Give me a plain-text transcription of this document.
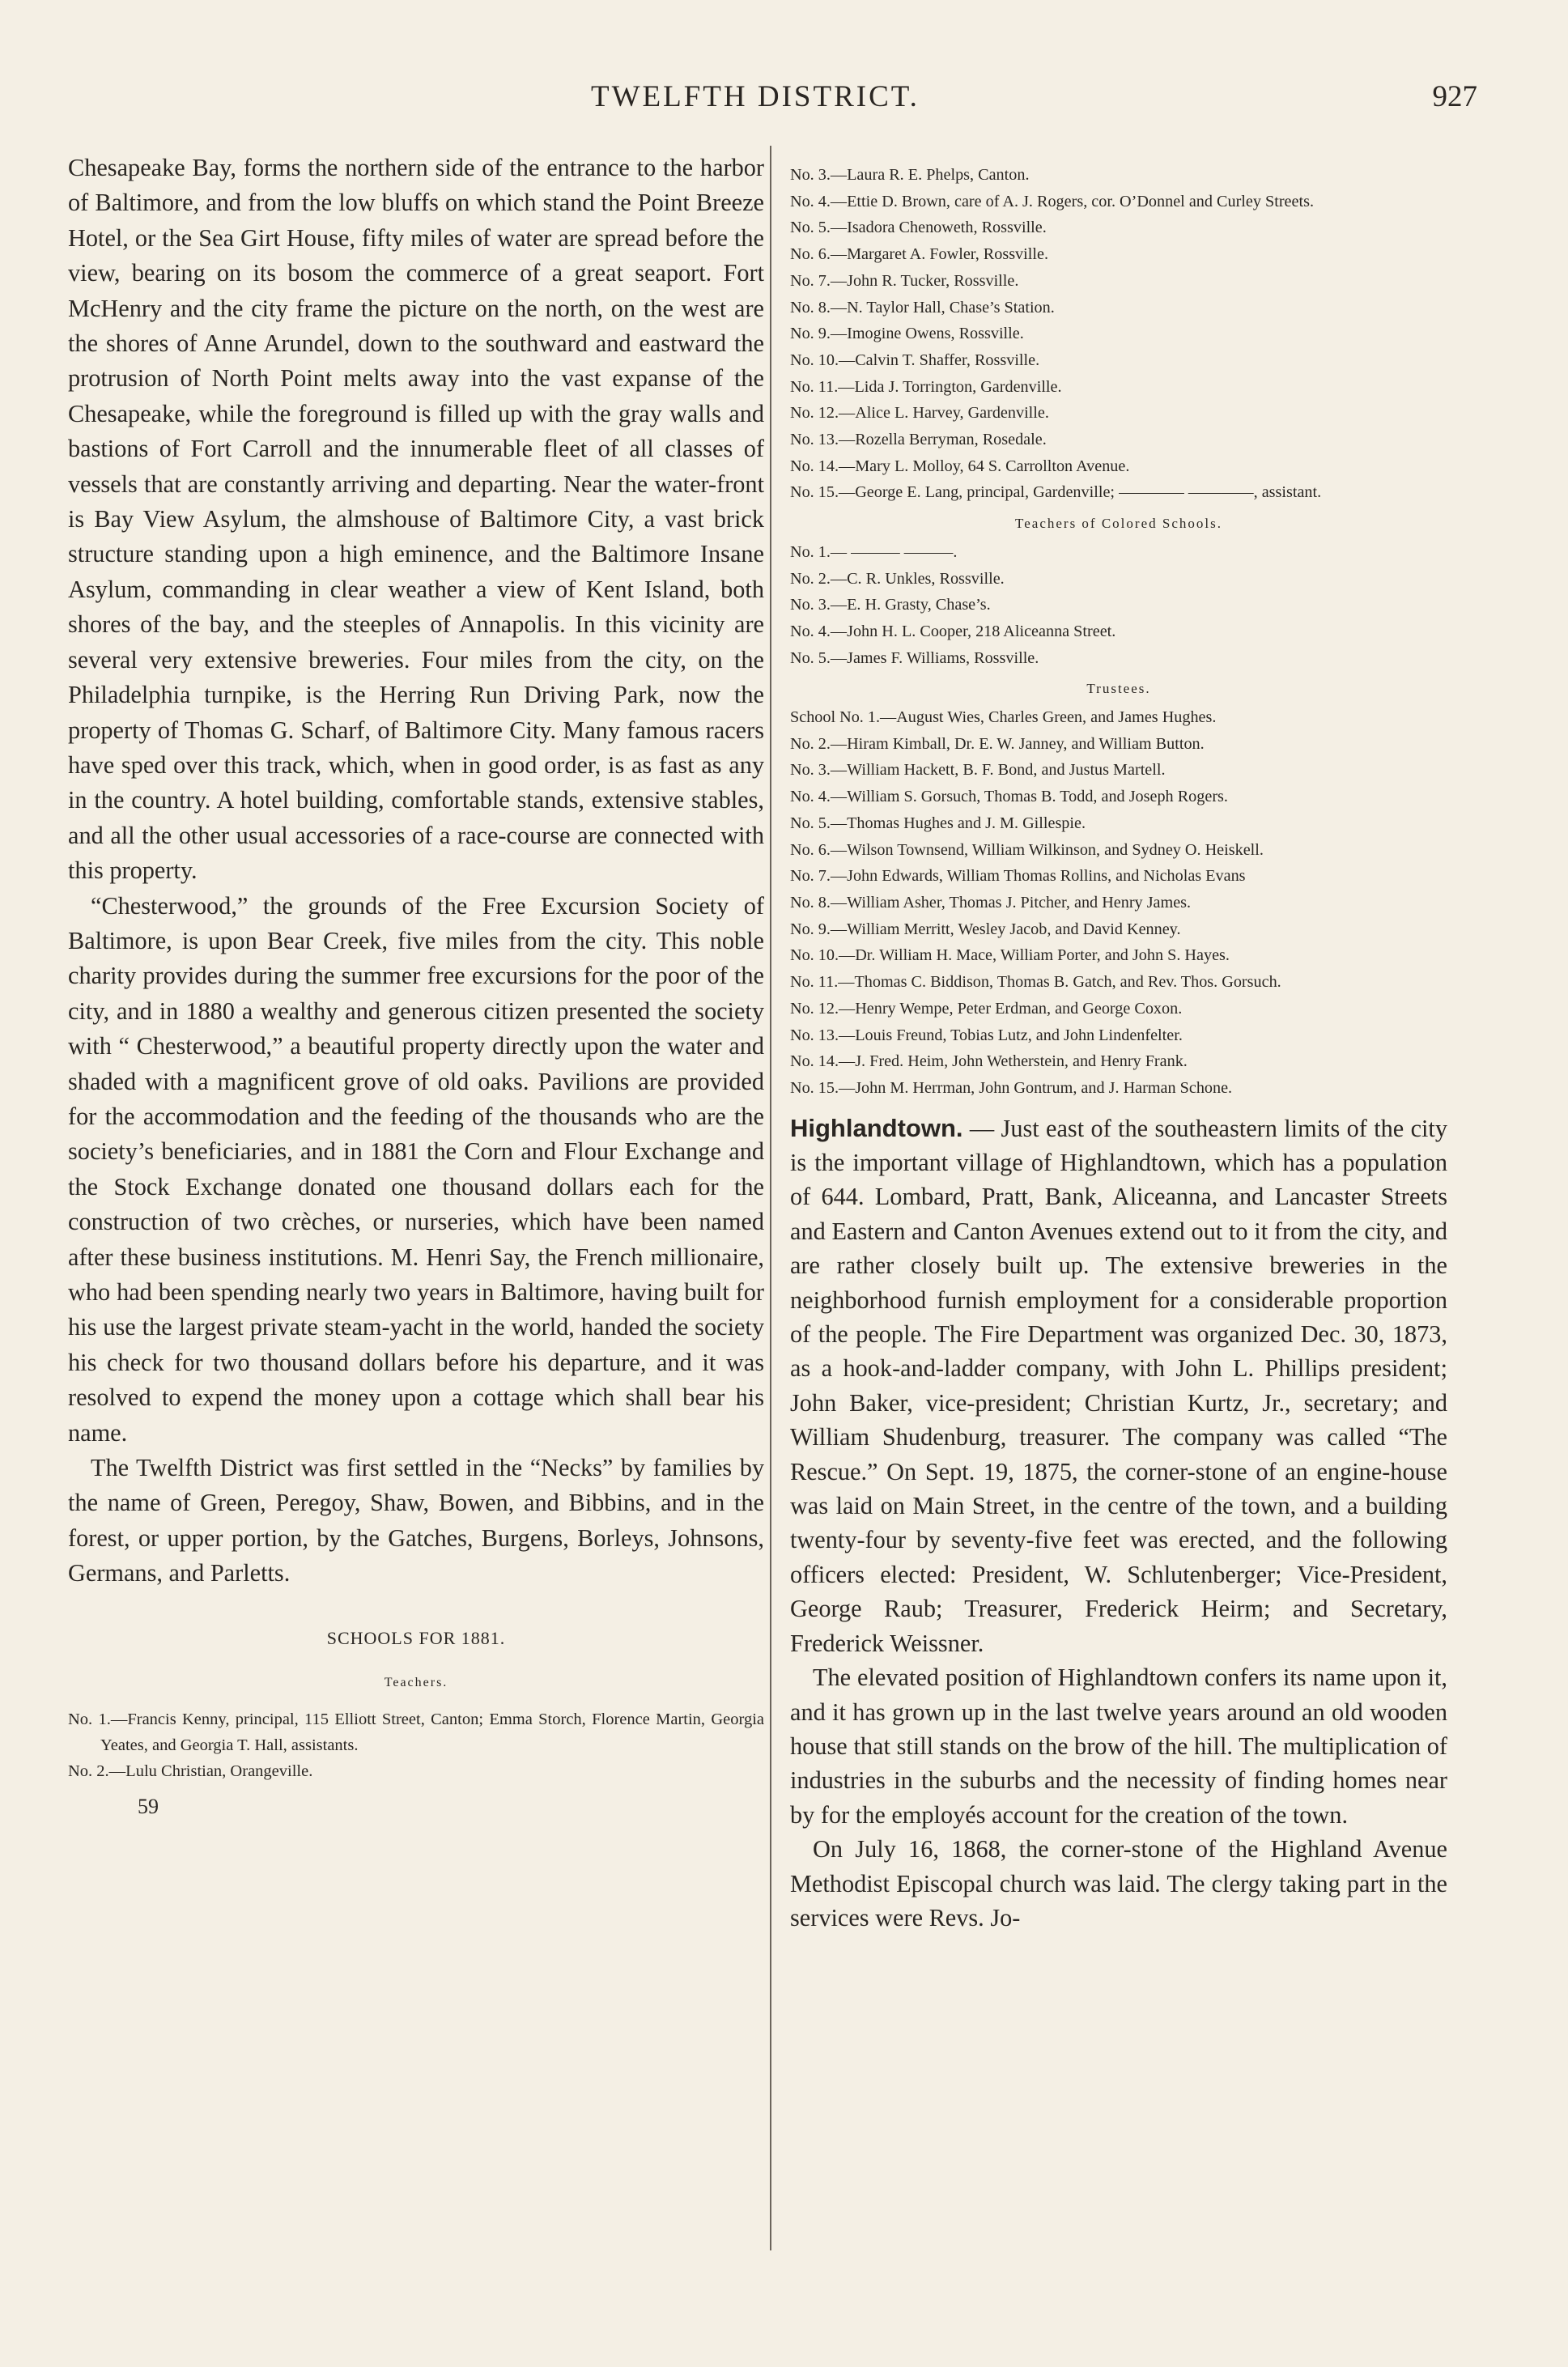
TWELFTH DISTRICT.	927

Chesapeake Bay, forms the northern side of the entrance to the harbor of Baltimore, and from the low bluffs on which stand the Point Breeze Hotel, or the Sea Girt House, fifty miles of water are spread before the view, bearing on its bosom the commerce of a great seaport. Fort McHenry and the city frame the picture on the north, on the west are the shores of Anne Arundel, down to the southward and eastward the protrusion of North Point melts away into the vast expanse of the Chesapeake, while the foreground is filled up with the gray walls and bastions of Fort Carroll and the innumerable fleet of all classes of vessels that are constantly arriving and departing. Near the water-front is Bay View Asylum, the almshouse of Baltimore City, a vast brick structure standing upon a high eminence, and the Baltimore Insane Asylum, commanding in clear weather a view of Kent Island, both shores of the bay, and the steeples of Annapolis. In this vicinity are several very extensive breweries. Four miles from the city, on the Philadelphia turnpike, is the Herring Run Driving Park, now the property of Thomas G. Scharf, of Baltimore City. Many famous racers have sped over this track, which, when in good order, is as fast as any in the country. A hotel building, comfortable stands, extensive stables, and all the other usual accessories of a race-course are connected with this property.

“Chesterwood,” the grounds of the Free Excursion Society of Baltimore, is upon Bear Creek, five miles from the city. This noble charity provides during the summer free excursions for the poor of the city, and in 1880 a wealthy and generous citizen presented the society with “ Chesterwood,” a beautiful property directly upon the water and shaded with a magnificent grove of old oaks. Pavilions are provided for the accommodation and the feeding of the thousands who are the society’s beneficiaries, and in 1881 the Corn and Flour Exchange and the Stock Exchange donated one thousand dollars each for the construction of two crèches, or nurseries, which have been named after these business institutions. M. Henri Say, the French millionaire, who had been spending nearly two years in Baltimore, having built for his use the largest private steam-yacht in the world, handed the society his check for two thousand dollars before his departure, and it was resolved to expend the money upon a cottage which shall bear his name.

The Twelfth District was first settled in the “Necks” by families by the name of Green, Peregoy, Shaw, Bowen, and Bibbins, and in the forest, or upper portion, by the Gatches, Burgens, Borleys, Johnsons, Germans, and Parletts.

SCHOOLS FOR 1881.
Teachers.
No. 1.—Francis Kenny, principal, 115 Elliott Street, Canton; Emma Storch, Florence Martin, Georgia Yeates, and Georgia T. Hall, assistants.
No. 2.—Lulu Christian, Orangeville.
59
No. 3.—Laura R. E. Phelps, Canton.
No. 4.—Ettie D. Brown, care of A. J. Rogers, cor. O’Donnel and Curley Streets.
No. 5.—Isadora Chenoweth, Rossville.
No. 6.—Margaret A. Fowler, Rossville.
No. 7.—John R. Tucker, Rossville.
No. 8.—N. Taylor Hall, Chase’s Station.
No. 9.—Imogine Owens, Rossville.
No. 10.—Calvin T. Shaffer, Rossville.
No. 11.—Lida J. Torrington, Gardenville.
No. 12.—Alice L. Harvey, Gardenville.
No. 13.—Rozella Berryman, Rosedale.
No. 14.—Mary L. Molloy, 64 S. Carrollton Avenue.
No. 15.—George E. Lang, principal, Gardenville; ———— ————, assistant.
Teachers of Colored Schools.
No. 1.— ——— ———.
No. 2.—C. R. Unkles, Rossville.
No. 3.—E. H. Grasty, Chase’s.
No. 4.—John H. L. Cooper, 218 Aliceanna Street.
No. 5.—James F. Williams, Rossville.
Trustees.
School No. 1.—August Wies, Charles Green, and James Hughes.
No. 2.—Hiram Kimball, Dr. E. W. Janney, and William Button.
No. 3.—William Hackett, B. F. Bond, and Justus Martell.
No. 4.—William S. Gorsuch, Thomas B. Todd, and Joseph Rogers.
No. 5.—Thomas Hughes and J. M. Gillespie.
No. 6.—Wilson Townsend, William Wilkinson, and Sydney O. Heiskell.
No. 7.—John Edwards, William Thomas Rollins, and Nicholas Evans
No. 8.—William Asher, Thomas J. Pitcher, and Henry James.
No. 9.—William Merritt, Wesley Jacob, and David Kenney.
No. 10.—Dr. William H. Mace, William Porter, and John S. Hayes.
No. 11.—Thomas C. Biddison, Thomas B. Gatch, and Rev. Thos. Gorsuch.
No. 12.—Henry Wempe, Peter Erdman, and George Coxon.
No. 13.—Louis Freund, Tobias Lutz, and John Lindenfelter.
No. 14.—J. Fred. Heim, John Wetherstein, and Henry Frank.
No. 15.—John M. Herrman, John Gontrum, and J. Harman Schone.

Highlandtown. — Just east of the southeastern limits of the city is the important village of Highlandtown, which has a population of 644. Lombard, Pratt, Bank, Aliceanna, and Lancaster Streets and Eastern and Canton Avenues extend out to it from the city, and are rather closely built up. The extensive breweries in the neighborhood furnish employment for a considerable proportion of the people. The Fire Department was organized Dec. 30, 1873, as a hook-and-ladder company, with John L. Phillips president; John Baker, vice-president; Christian Kurtz, Jr., secretary; and William Shudenburg, treasurer. The company was called “The Rescue.” On Sept. 19, 1875, the corner-stone of an engine-house was laid on Main Street, in the centre of the town, and a building twenty-four by seventy-five feet was erected, and the following officers elected: President, W. Schlutenberger; Vice-President, George Raub; Treasurer, Frederick Heirm; and Secretary, Frederick Weissner.

The elevated position of Highlandtown confers its name upon it, and it has grown up in the last twelve years around an old wooden house that still stands on the brow of the hill. The multiplication of industries in the suburbs and the necessity of finding homes near by for the employés account for the creation of the town.

On July 16, 1868, the corner-stone of the Highland Avenue Methodist Episcopal church was laid. The clergy taking part in the services were Revs. Jo-
